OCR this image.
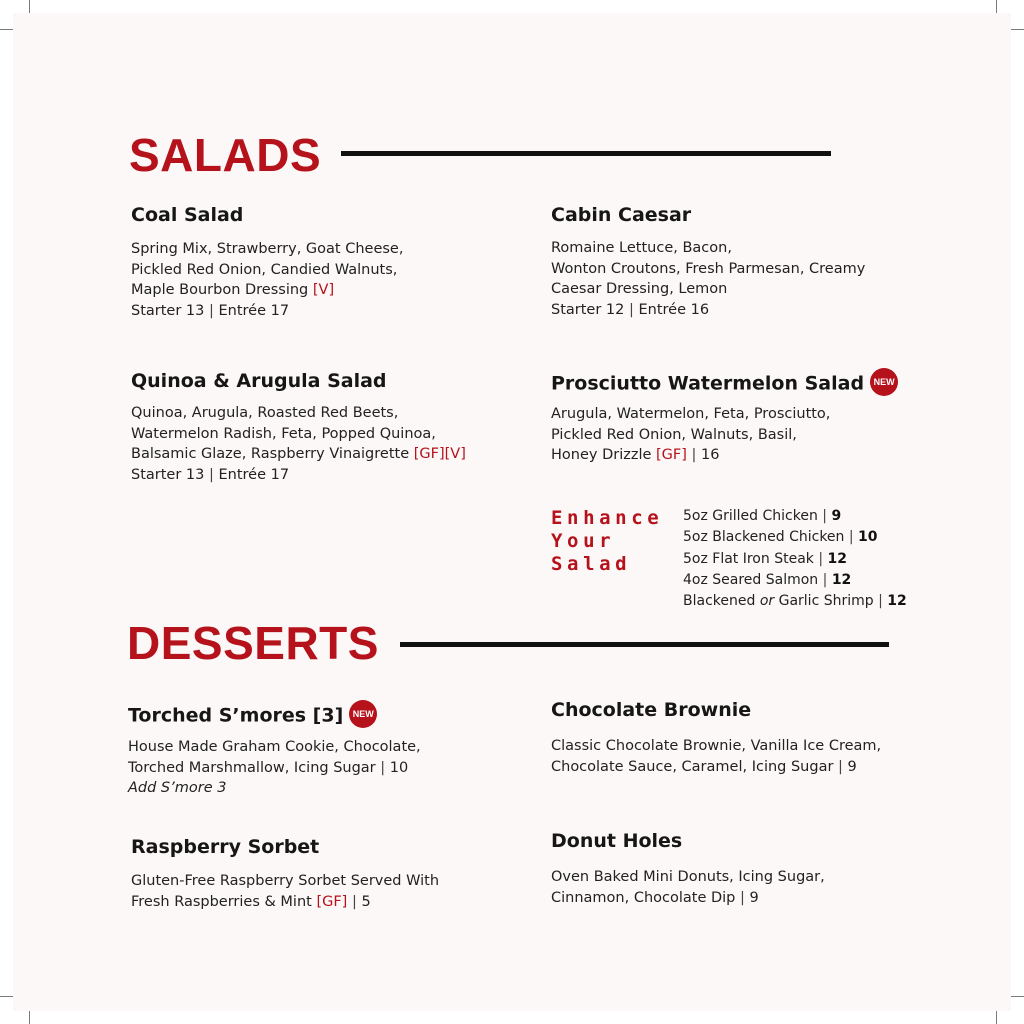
SALADS
Coal Salad

Spring Mix, Strawberry, Goat Cheese,
Pickled Red Onion, Candied Walnuts,
Maple Bourbon Dressing [V]
Starter 13 | Entrée 17

Cabin Caesar

Romaine Lettuce, Bacon,
Wonton Croutons, Fresh Parmesan, Creamy
Caesar Dressing, Lemon
Starter 12 | Entrée 16

Quinoa & Arugula Salad

Quinoa, Arugula, Roasted Red Beets,
Watermelon Radish, Feta, Popped Quinoa,
Balsamic Glaze, Raspberry Vinaigrette [GF][V]
Starter 13 | Entrée 17

Prosciutto Watermelon Salad NEW

Arugula, Watermelon, Feta, Prosciutto,
Pickled Red Onion, Walnuts, Basil,
Honey Drizzle [GF] | 16

Enhance
Your
Salad
5oz Grilled Chicken | 9
5oz Blackened Chicken | 10
5oz Flat Iron Steak | 12
4oz Seared Salmon | 12
Blackened or Garlic Shrimp | 12
DESSERTS
Torched S’mores [3] NEW

House Made Graham Cookie, Chocolate,
Torched Marshmallow, Icing Sugar | 10
Add S’more 3

Chocolate Brownie

Classic Chocolate Brownie, Vanilla Ice Cream,
Chocolate Sauce, Caramel, Icing Sugar | 9

Raspberry Sorbet

Gluten-Free Raspberry Sorbet Served With
Fresh Raspberries & Mint [GF] | 5

Donut Holes

Oven Baked Mini Donuts, Icing Sugar,
Cinnamon, Chocolate Dip | 9
